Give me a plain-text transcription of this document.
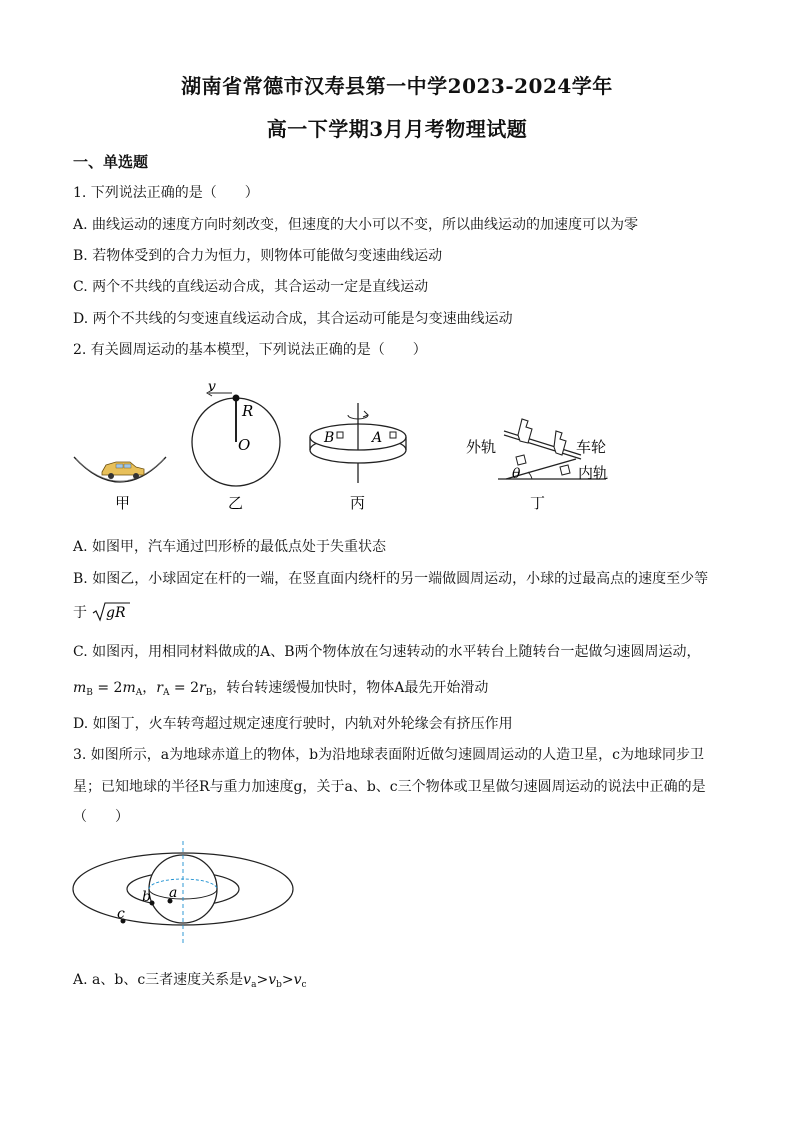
湖南省常德市汉寿县第一中学2023-2024学年
高一下学期3月月考物理试题
一、单选题
1. 下列说法正确的是（　　）
A. 曲线运动的速度方向时刻改变，但速度的大小可以不变，所以曲线运动的加速度可以为零
B. 若物体受到的合力为恒力，则物体可能做匀变速曲线运动
C. 两个不共线的直线运动合成，其合运动一定是直线运动
D. 两个不共线的匀变速直线运动合成，其合运动可能是匀变速曲线运动
2. 有关圆周运动的基本模型，下列说法正确的是（　　）
甲
v
R
O
乙
B	A
丙
外轨	车轮
内轨
θ
丁
A. 如图甲，汽车通过凹形桥的最低点处于失重状态
B. 如图乙，小球固定在杆的一端，在竖直面内绕杆的另一端做圆周运动，小球的过最高点的速度至少等
于 gR
C. 如图丙，用相同材料做成的A、B两个物体放在匀速转动的水平转台上随转台一起做匀速圆周运动，
$m_B = 2m_A$，$r_A = 2r_B$，转台转速缓慢加快时，物体A最先开始滑动
D. 如图丁，火车转弯超过规定速度行驶时，内轨对外轮缘会有挤压作用
3. 如图所示，a为地球赤道上的物体，b为沿地球表面附近做匀速圆周运动的人造卫星，c为地球同步卫
星；已知地球的半径R与重力加速度g，关于a、b、c三个物体或卫星做匀速圆周运动的说法中正确的是
（　　）
a
b
c
A. a、b、c三者速度关系是$v_a>v_b>v_c$
